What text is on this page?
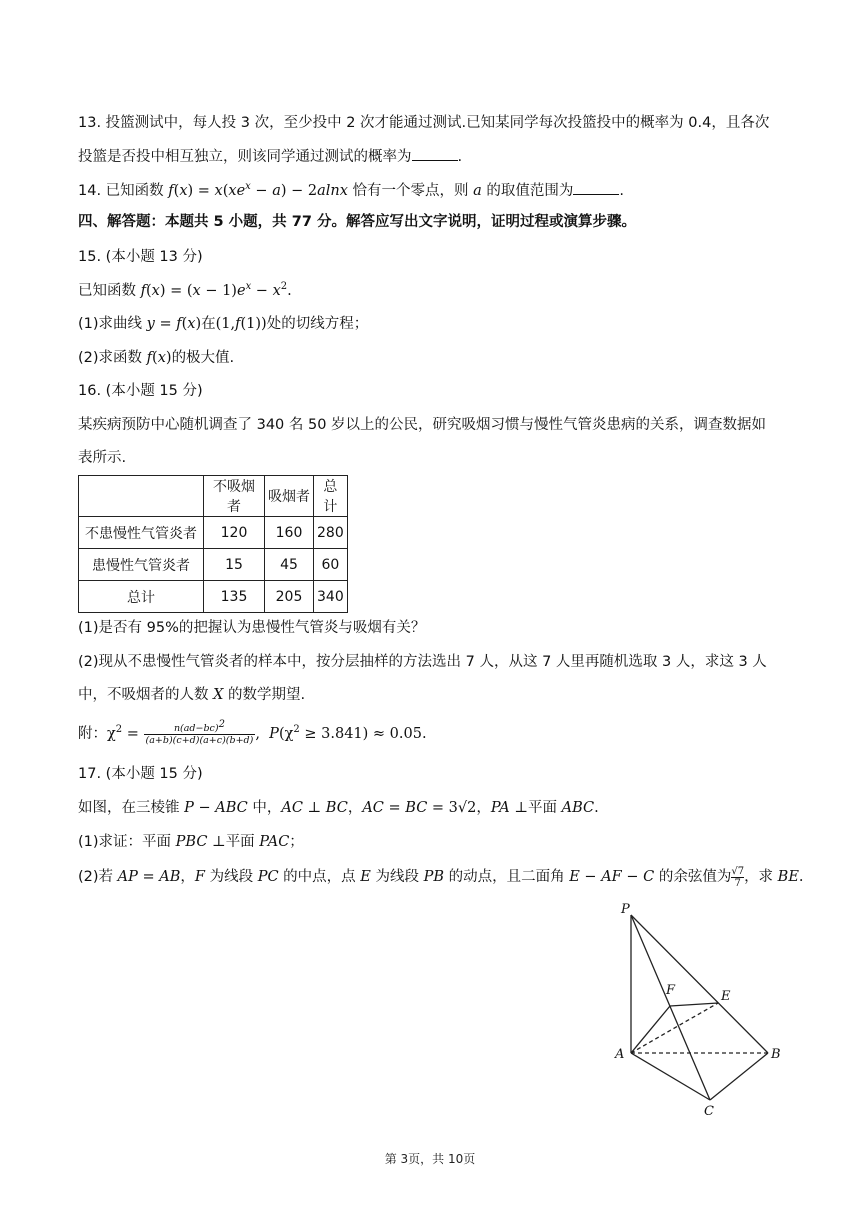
13. 投篮测试中，每人投 3 次，至少投中 2 次才能通过测试.已知某同学每次投篮投中的概率为 0.4，且各次
投篮是否投中相互独立，则该同学通过测试的概率为	.
14. 已知函数 $f(x) = x(xe^x - a) - 2alnx$ 恰有一个零点，则 a 的取值范围为	.
四、解答题：本题共 5 小题，共 77 分。解答应写出文字说明，证明过程或演算步骤。
15. (本小题 13 分)
已知函数 $f(x) = (x - 1)e^x - x^2$.
(1)求曲线 y = f(x)在(1,f(1))处的切线方程；
(2)求函数 f(x)的极大值.
16. (本小题 15 分)
某疾病预防中心随机调查了 340 名 50 岁以上的公民，研究吸烟习惯与慢性气管炎患病的关系，调查数据如
表所示.
	不吸烟者	吸烟者	总计
不患慢性气管炎者	120	160	280
患慢性气管炎者	15	45	60
总计	135	205	340
(1)是否有 95%的把握认为患慢性气管炎与吸烟有关？
(2)现从不患慢性气管炎者的样本中，按分层抽样的方法选出 7 人，从这 7 人里再随机选取 3 人，求这 3 人
中，不吸烟者的人数 X 的数学期望.
附：$\chi^2 = \frac{n(ad-bc)^2}{(a+b)(c+d)(a+c)(b+d)}$ ,  $P(\chi^2 \ge 3.841) \approx 0.05$.
17. (本小题 15 分)
如图，在三棱锥 P − ABC 中，AC ⊥ BC，AC = BC = 3√2，PA ⊥平面 ABC.
(1)求证：平面 PBC ⊥平面 PAC；
(2)若 AP = AB，F 为线段 PC 的中点，点 E 为线段 PB 的动点，且二面角 E − AF − C 的余弦值为 $\frac{√7}{7}$ ，求 BE.
P
F	E
A	B
C
第 3页，共 10页
